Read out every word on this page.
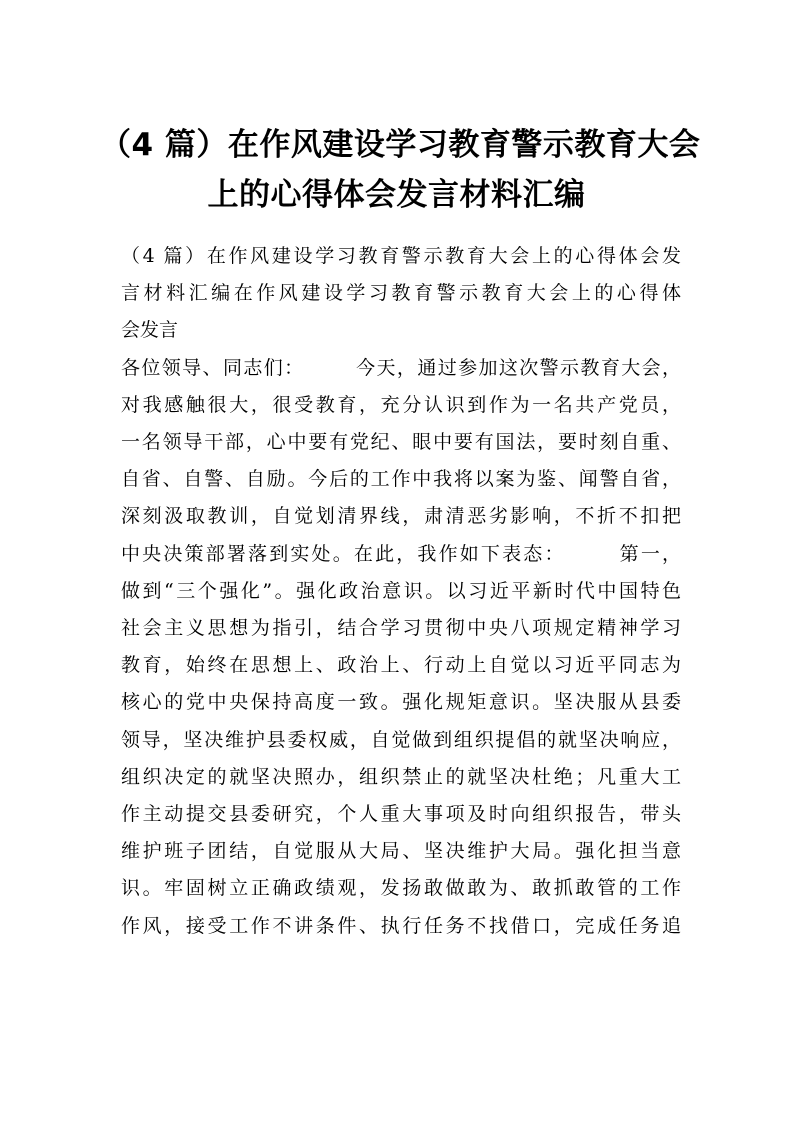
（4 篇）在作风建设学习教育警示教育大会
上的心得体会发言材料汇编
（4 篇）在作风建设学习教育警示教育大会上的心得体会发
言材料汇编在作风建设学习教育警示教育大会上的心得体
会发言
各位领导、同志们：　　　今天，通过参加这次警示教育大会，
对我感触很大，很受教育，充分认识到作为一名共产党员，
一名领导干部，心中要有党纪、眼中要有国法，要时刻自重、
自省、自警、自励。今后的工作中我将以案为鉴、闻警自省，
深刻汲取教训，自觉划清界线，肃清恶劣影响，不折不扣把
中央决策部署落到实处。在此，我作如下表态：　　　第一，
做到“三个强化”。强化政治意识。以习近平新时代中国特色
社会主义思想为指引，结合学习贯彻中央八项规定精神学习
教育，始终在思想上、政治上、行动上自觉以习近平同志为
核心的党中央保持高度一致。强化规矩意识。坚决服从县委
领导，坚决维护县委权威，自觉做到组织提倡的就坚决响应，
组织决定的就坚决照办，组织禁止的就坚决杜绝；凡重大工
作主动提交县委研究，个人重大事项及时向组织报告，带头
维护班子团结，自觉服从大局、坚决维护大局。强化担当意
识。牢固树立正确政绩观，发扬敢做敢为、敢抓敢管的工作
作风，接受工作不讲条件、执行任务不找借口，完成任务追
